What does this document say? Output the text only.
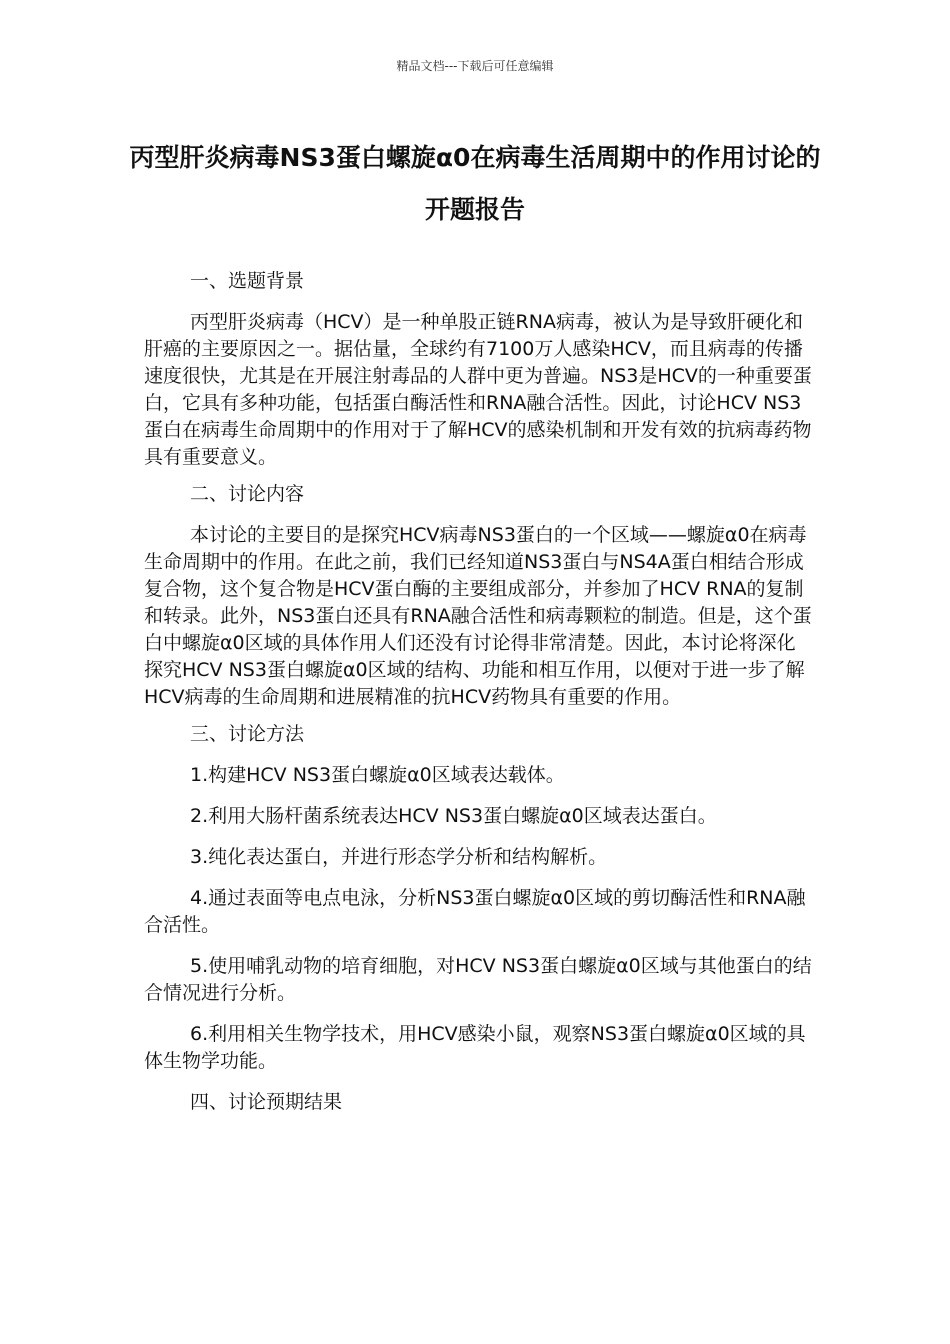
精品文档---下载后可任意编辑
丙型肝炎病毒NS3蛋白螺旋α0在病毒生活周期中的作用讨论的开题报告

一、选题背景

丙型肝炎病毒（HCV）是一种单股正链RNA病毒，被认为是导致肝硬化和肝癌的主要原因之一。据估量，全球约有7100万人感染HCV，而且病毒的传播速度很快，尤其是在开展注射毒品的人群中更为普遍。NS3是HCV的一种重要蛋白，它具有多种功能，包括蛋白酶活性和RNA融合活性。因此，讨论HCV NS3蛋白在病毒生命周期中的作用对于了解HCV的感染机制和开发有效的抗病毒药物具有重要意义。

二、讨论内容

本讨论的主要目的是探究HCV病毒NS3蛋白的一个区域——螺旋α0在病毒生命周期中的作用。在此之前，我们已经知道NS3蛋白与NS4A蛋白相结合形成复合物，这个复合物是HCV蛋白酶的主要组成部分，并参加了HCV RNA的复制和转录。此外，NS3蛋白还具有RNA融合活性和病毒颗粒的制造。但是，这个蛋白中螺旋α0区域的具体作用人们还没有讨论得非常清楚。因此，本讨论将深化探究HCV NS3蛋白螺旋α0区域的结构、功能和相互作用，以便对于进一步了解HCV病毒的生命周期和进展精准的抗HCV药物具有重要的作用。

三、讨论方法

1.构建HCV NS3蛋白螺旋α0区域表达载体。

2.利用大肠杆菌系统表达HCV NS3蛋白螺旋α0区域表达蛋白。

3.纯化表达蛋白，并进行形态学分析和结构解析。

4.通过表面等电点电泳，分析NS3蛋白螺旋α0区域的剪切酶活性和RNA融合活性。

5.使用哺乳动物的培育细胞，对HCV NS3蛋白螺旋α0区域与其他蛋白的结合情况进行分析。

6.利用相关生物学技术，用HCV感染小鼠，观察NS3蛋白螺旋α0区域的具体生物学功能。

四、讨论预期结果
